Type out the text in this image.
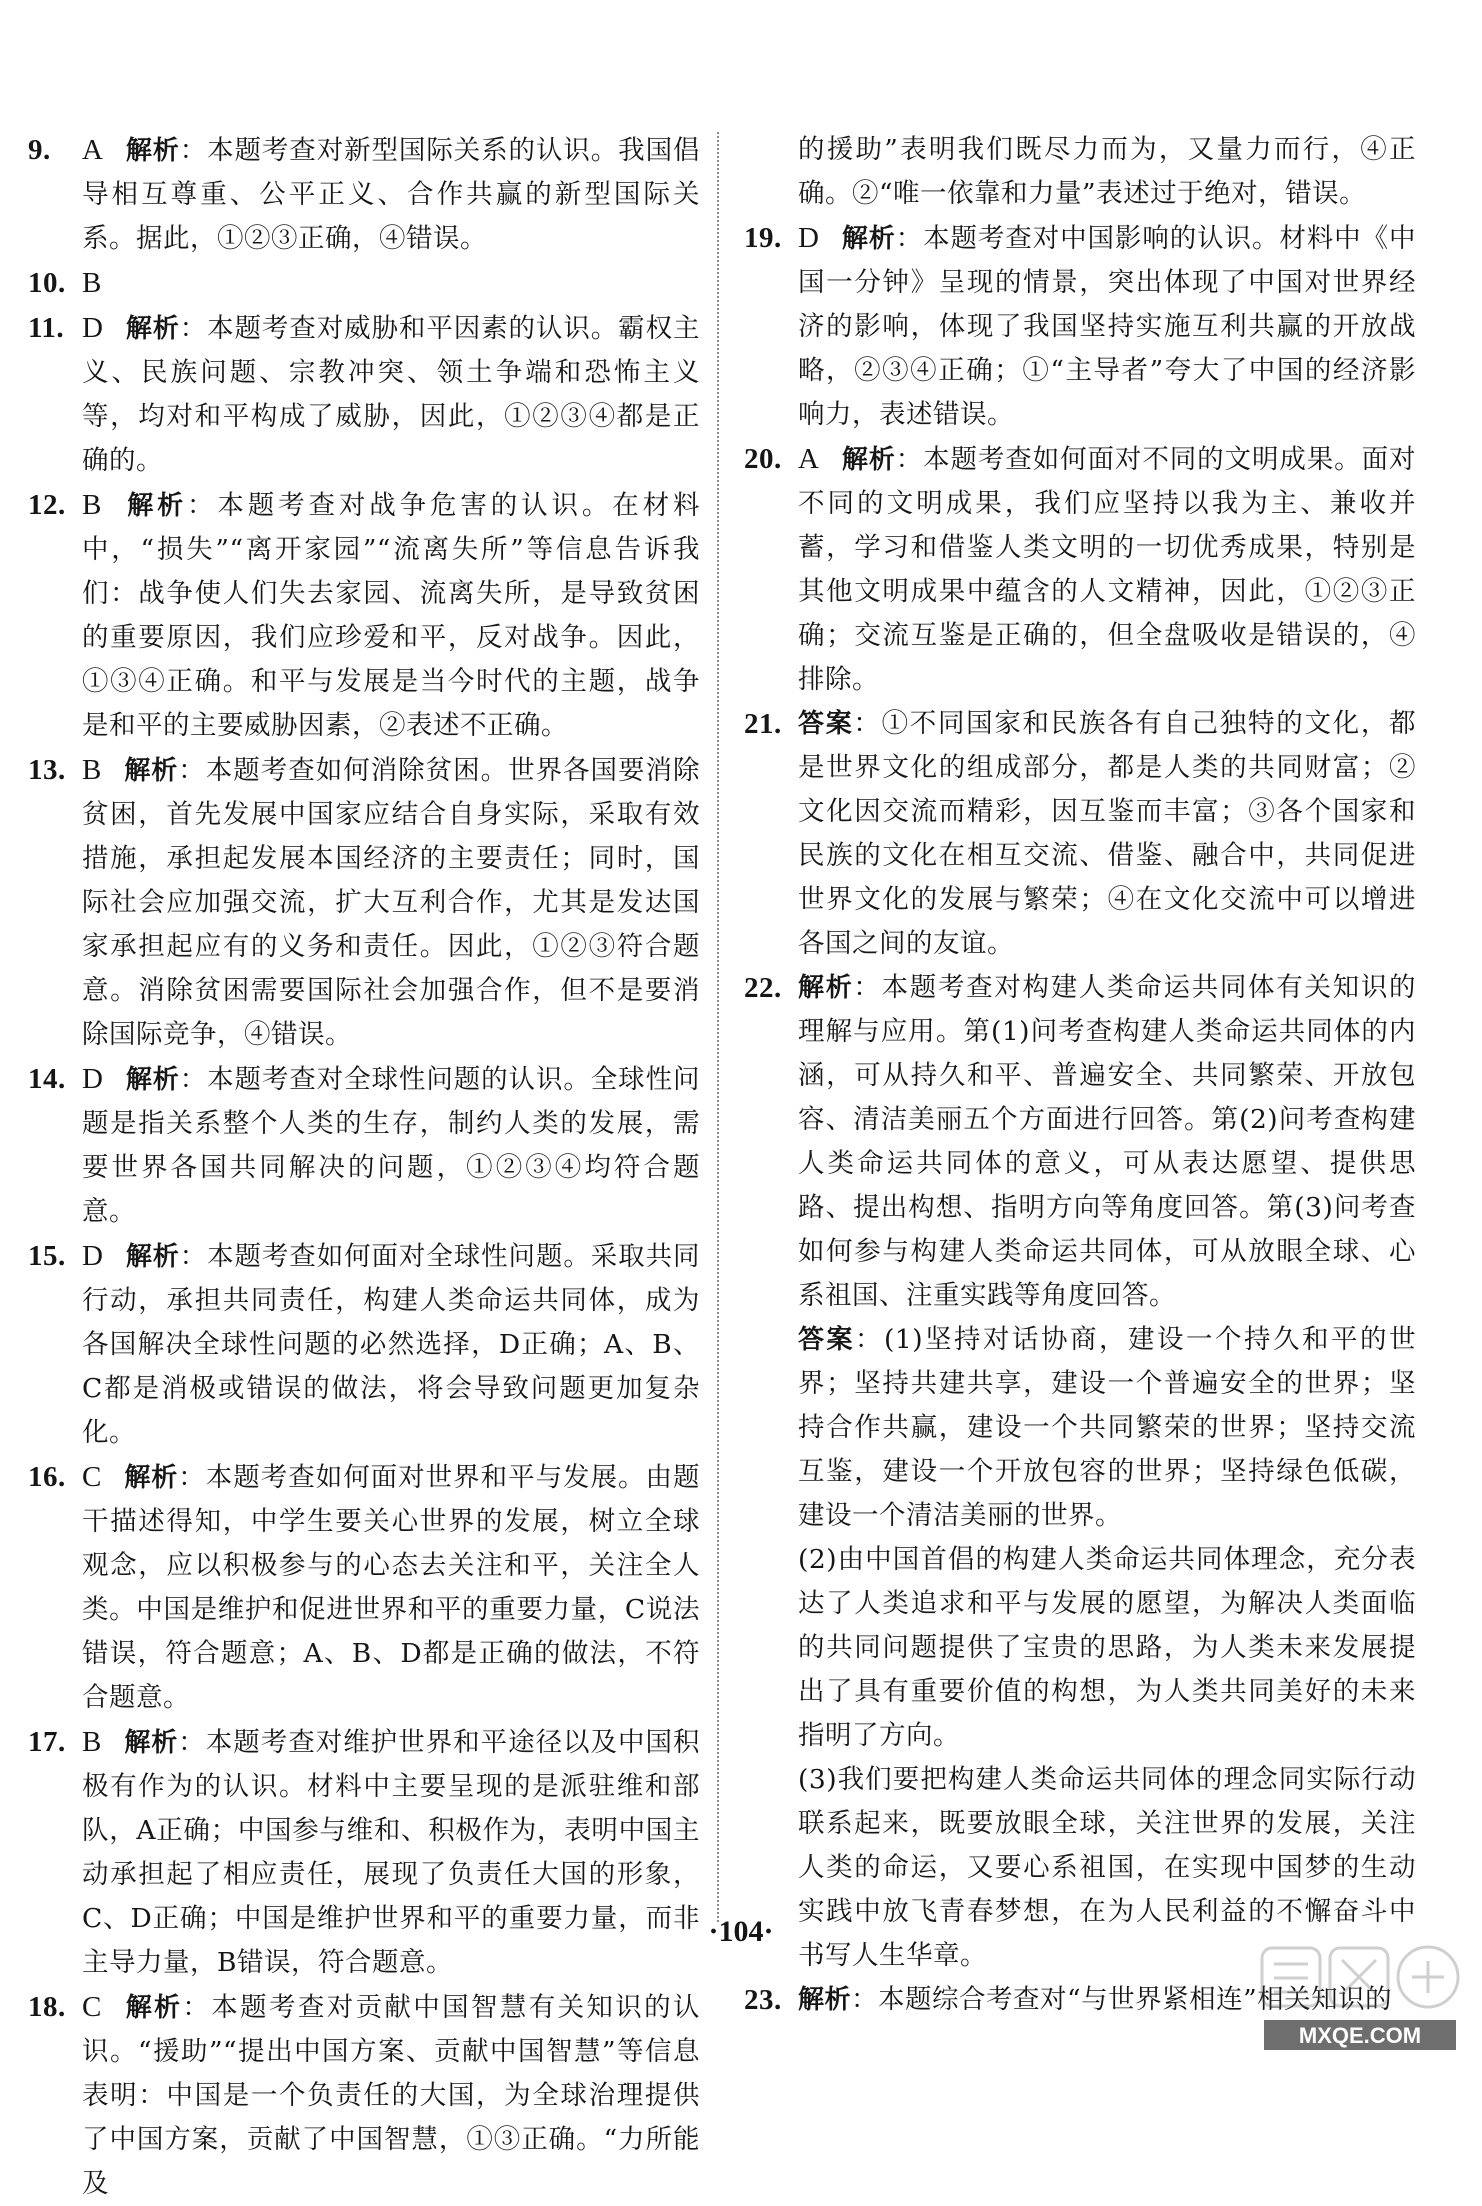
9. A 解析：本题考查对新型国际关系的认识。我国倡导相互尊重、公平正义、合作共赢的新型国际关系。据此，①②③正确，④错误。
10. B
11. D 解析：本题考查对威胁和平因素的认识。霸权主义、民族问题、宗教冲突、领土争端和恐怖主义等，均对和平构成了威胁，因此，①②③④都是正确的。
12. B 解析：本题考查对战争危害的认识。在材料中，“损失”“离开家园”“流离失所”等信息告诉我们：战争使人们失去家园、流离失所，是导致贫困的重要原因，我们应珍爱和平，反对战争。因此，①③④正确。和平与发展是当今时代的主题，战争是和平的主要威胁因素，②表述不正确。
13. B 解析：本题考查如何消除贫困。世界各国要消除贫困，首先发展中国家应结合自身实际，采取有效措施，承担起发展本国经济的主要责任；同时，国际社会应加强交流，扩大互利合作，尤其是发达国家承担起应有的义务和责任。因此，①②③符合题意。消除贫困需要国际社会加强合作，但不是要消除国际竞争，④错误。
14. D 解析：本题考查对全球性问题的认识。全球性问题是指关系整个人类的生存，制约人类的发展，需要世界各国共同解决的问题，①②③④均符合题意。
15. D 解析：本题考查如何面对全球性问题。采取共同行动，承担共同责任，构建人类命运共同体，成为各国解决全球性问题的必然选择，D正确；A、B、C都是消极或错误的做法，将会导致问题更加复杂化。
16. C 解析：本题考查如何面对世界和平与发展。由题干描述得知，中学生要关心世界的发展，树立全球观念，应以积极参与的心态去关注和平，关注全人类。中国是维护和促进世界和平的重要力量，C说法错误，符合题意；A、B、D都是正确的做法，不符合题意。
17. B 解析：本题考查对维护世界和平途径以及中国积极有作为的认识。材料中主要呈现的是派驻维和部队，A正确；中国参与维和、积极作为，表明中国主动承担起了相应责任，展现了负责任大国的形象，C、D正确；中国是维护世界和平的重要力量，而非主导力量，B错误，符合题意。
18. C 解析：本题考查对贡献中国智慧有关知识的认识。“援助”“提出中国方案、贡献中国智慧”等信息表明：中国是一个负责任的大国，为全球治理提供了中国方案，贡献了中国智慧，①③正确。“力所能及

的援助”表明我们既尽力而为，又量力而行，④正确。②“唯一依靠和力量”表述过于绝对，错误。

19. D 解析：本题考查对中国影响的认识。材料中《中国一分钟》呈现的情景，突出体现了中国对世界经济的影响，体现了我国坚持实施互利共赢的开放战略，②③④正确；①“主导者”夸大了中国的经济影响力，表述错误。
20. A 解析：本题考查如何面对不同的文明成果。面对不同的文明成果，我们应坚持以我为主、兼收并蓄，学习和借鉴人类文明的一切优秀成果，特别是其他文明成果中蕴含的人文精神，因此，①②③正确；交流互鉴是正确的，但全盘吸收是错误的，④排除。
21. 答案：①不同国家和民族各有自己独特的文化，都是世界文化的组成部分，都是人类的共同财富；②文化因交流而精彩，因互鉴而丰富；③各个国家和民族的文化在相互交流、借鉴、融合中，共同促进世界文化的发展与繁荣；④在文化交流中可以增进各国之间的友谊。
22. 解析：本题考查对构建人类命运共同体有关知识的理解与应用。第(1)问考查构建人类命运共同体的内涵，可从持久和平、普遍安全、共同繁荣、开放包容、清洁美丽五个方面进行回答。第(2)问考查构建人类命运共同体的意义，可从表达愿望、提供思路、提出构想、指明方向等角度回答。第(3)问考查如何参与构建人类命运共同体，可从放眼全球、心系祖国、注重实践等角度回答。

答案：(1)坚持对话协商，建设一个持久和平的世界；坚持共建共享，建设一个普遍安全的世界；坚持合作共赢，建设一个共同繁荣的世界；坚持交流互鉴，建设一个开放包容的世界；坚持绿色低碳，建设一个清洁美丽的世界。

(2)由中国首倡的构建人类命运共同体理念，充分表达了人类追求和平与发展的愿望，为解决人类面临的共同问题提供了宝贵的思路，为人类未来发展提出了具有重要价值的构想，为人类共同美好的未来指明了方向。

(3)我们要把构建人类命运共同体的理念同实际行动联系起来，既要放眼全球，关注世界的发展，关注人类的命运，又要心系祖国，在实现中国梦的生动实践中放飞青春梦想，在为人民利益的不懈奋斗中书写人生华章。

23. 解析：本题综合考查对“与世界紧相连”相关知识的
·104·
MXQE.COM
